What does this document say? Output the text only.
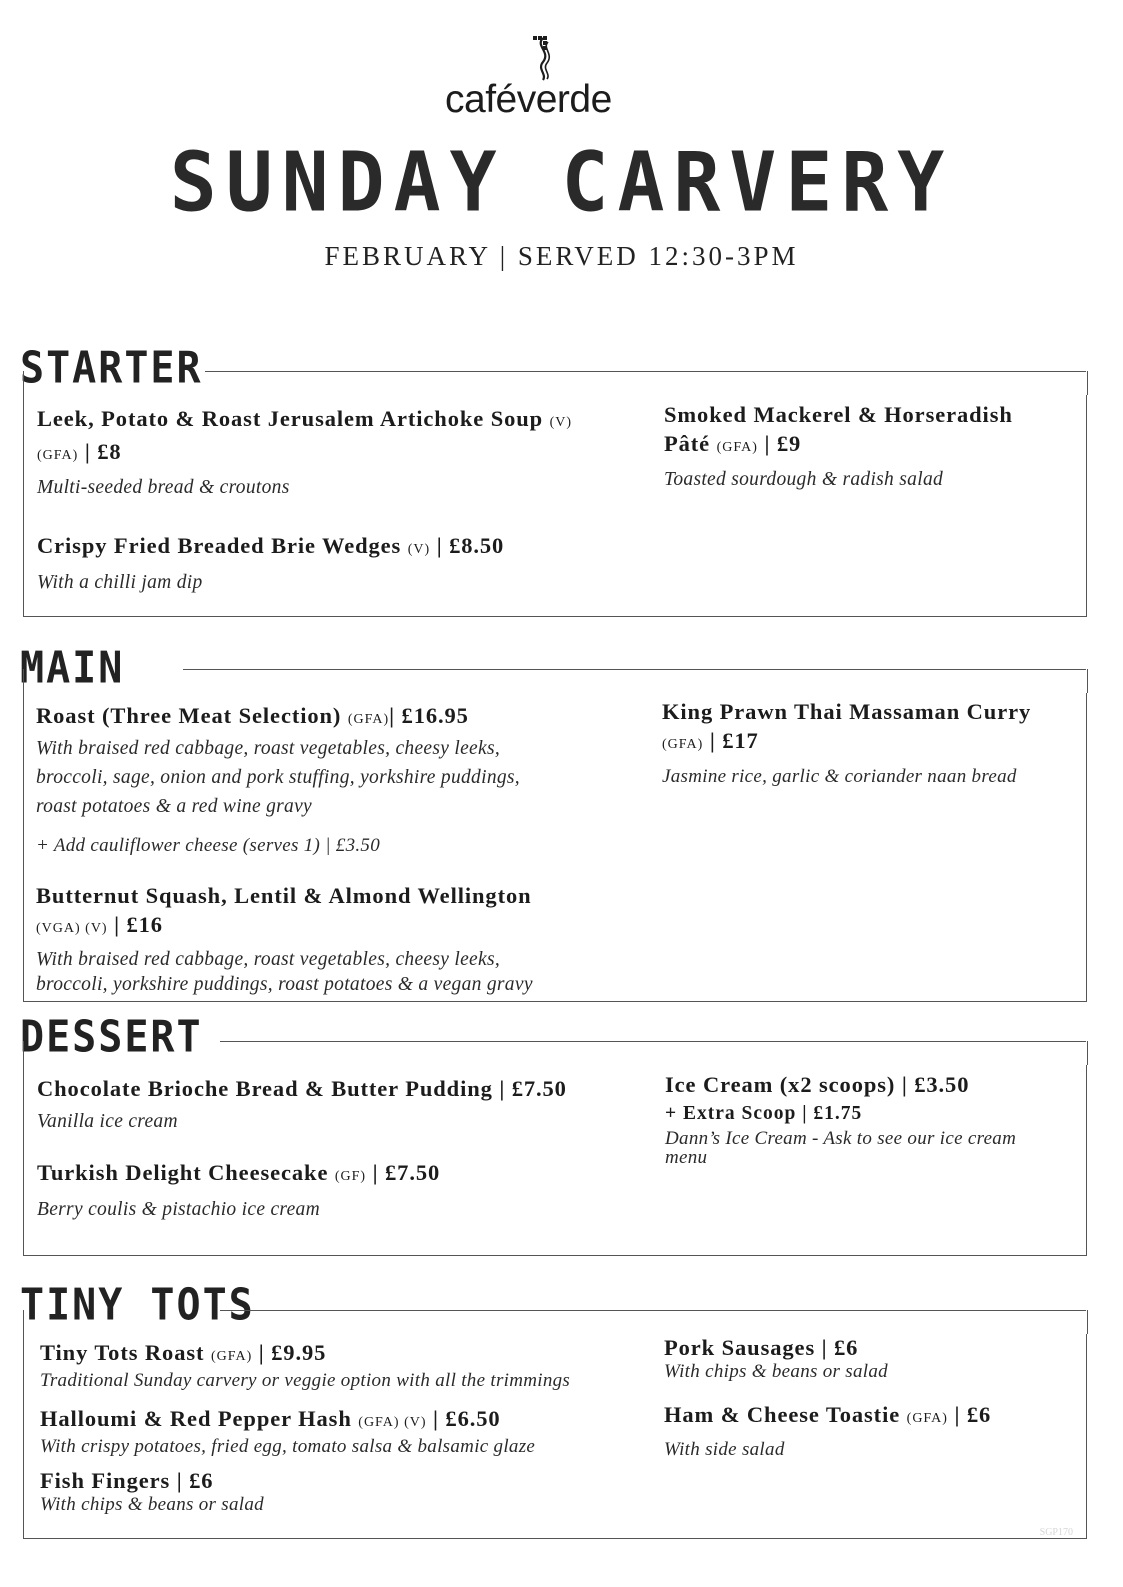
caféverde
SUNDAY CARVERY
FEBRUARY | SERVED 12:30-3PM
STARTER
Leek, Potato & Roast Jerusalem Artichoke Soup (V)
(GFA) | £8
Multi-seeded bread & croutons
Crispy Fried Breaded Brie Wedges (V) | £8.50
With a chilli jam dip
Smoked Mackerel & Horseradish
Pâté (GFA) | £9
Toasted sourdough & radish salad
MAIN
Roast (Three Meat Selection) (GFA)| £16.95
With braised red cabbage, roast vegetables, cheesy leeks,
broccoli, sage, onion and pork stuffing, yorkshire puddings,
roast potatoes & a red wine gravy
+ Add cauliflower cheese (serves 1) | £3.50
Butternut Squash, Lentil & Almond Wellington
(VGA) (V) | £16
With braised red cabbage, roast vegetables, cheesy leeks,
broccoli, yorkshire puddings, roast potatoes & a vegan gravy
King Prawn Thai Massaman Curry
(GFA) | £17
Jasmine rice, garlic & coriander naan bread
DESSERT
Chocolate Brioche Bread & Butter Pudding | £7.50
Vanilla ice cream
Turkish Delight Cheesecake (GF) | £7.50
Berry coulis & pistachio ice cream
Ice Cream (x2 scoops) | £3.50
+ Extra Scoop | £1.75
Dann’s Ice Cream - Ask to see our ice cream
menu
TINY TOTS
Tiny Tots Roast (GFA) | £9.95
Traditional Sunday carvery or veggie option with all the trimmings
Halloumi & Red Pepper Hash (GFA) (V) | £6.50
With crispy potatoes, fried egg, tomato salsa & balsamic glaze
Fish Fingers | £6
With chips & beans or salad
Pork Sausages | £6
With chips & beans or salad
Ham & Cheese Toastie (GFA) | £6
With side salad
SGP170
